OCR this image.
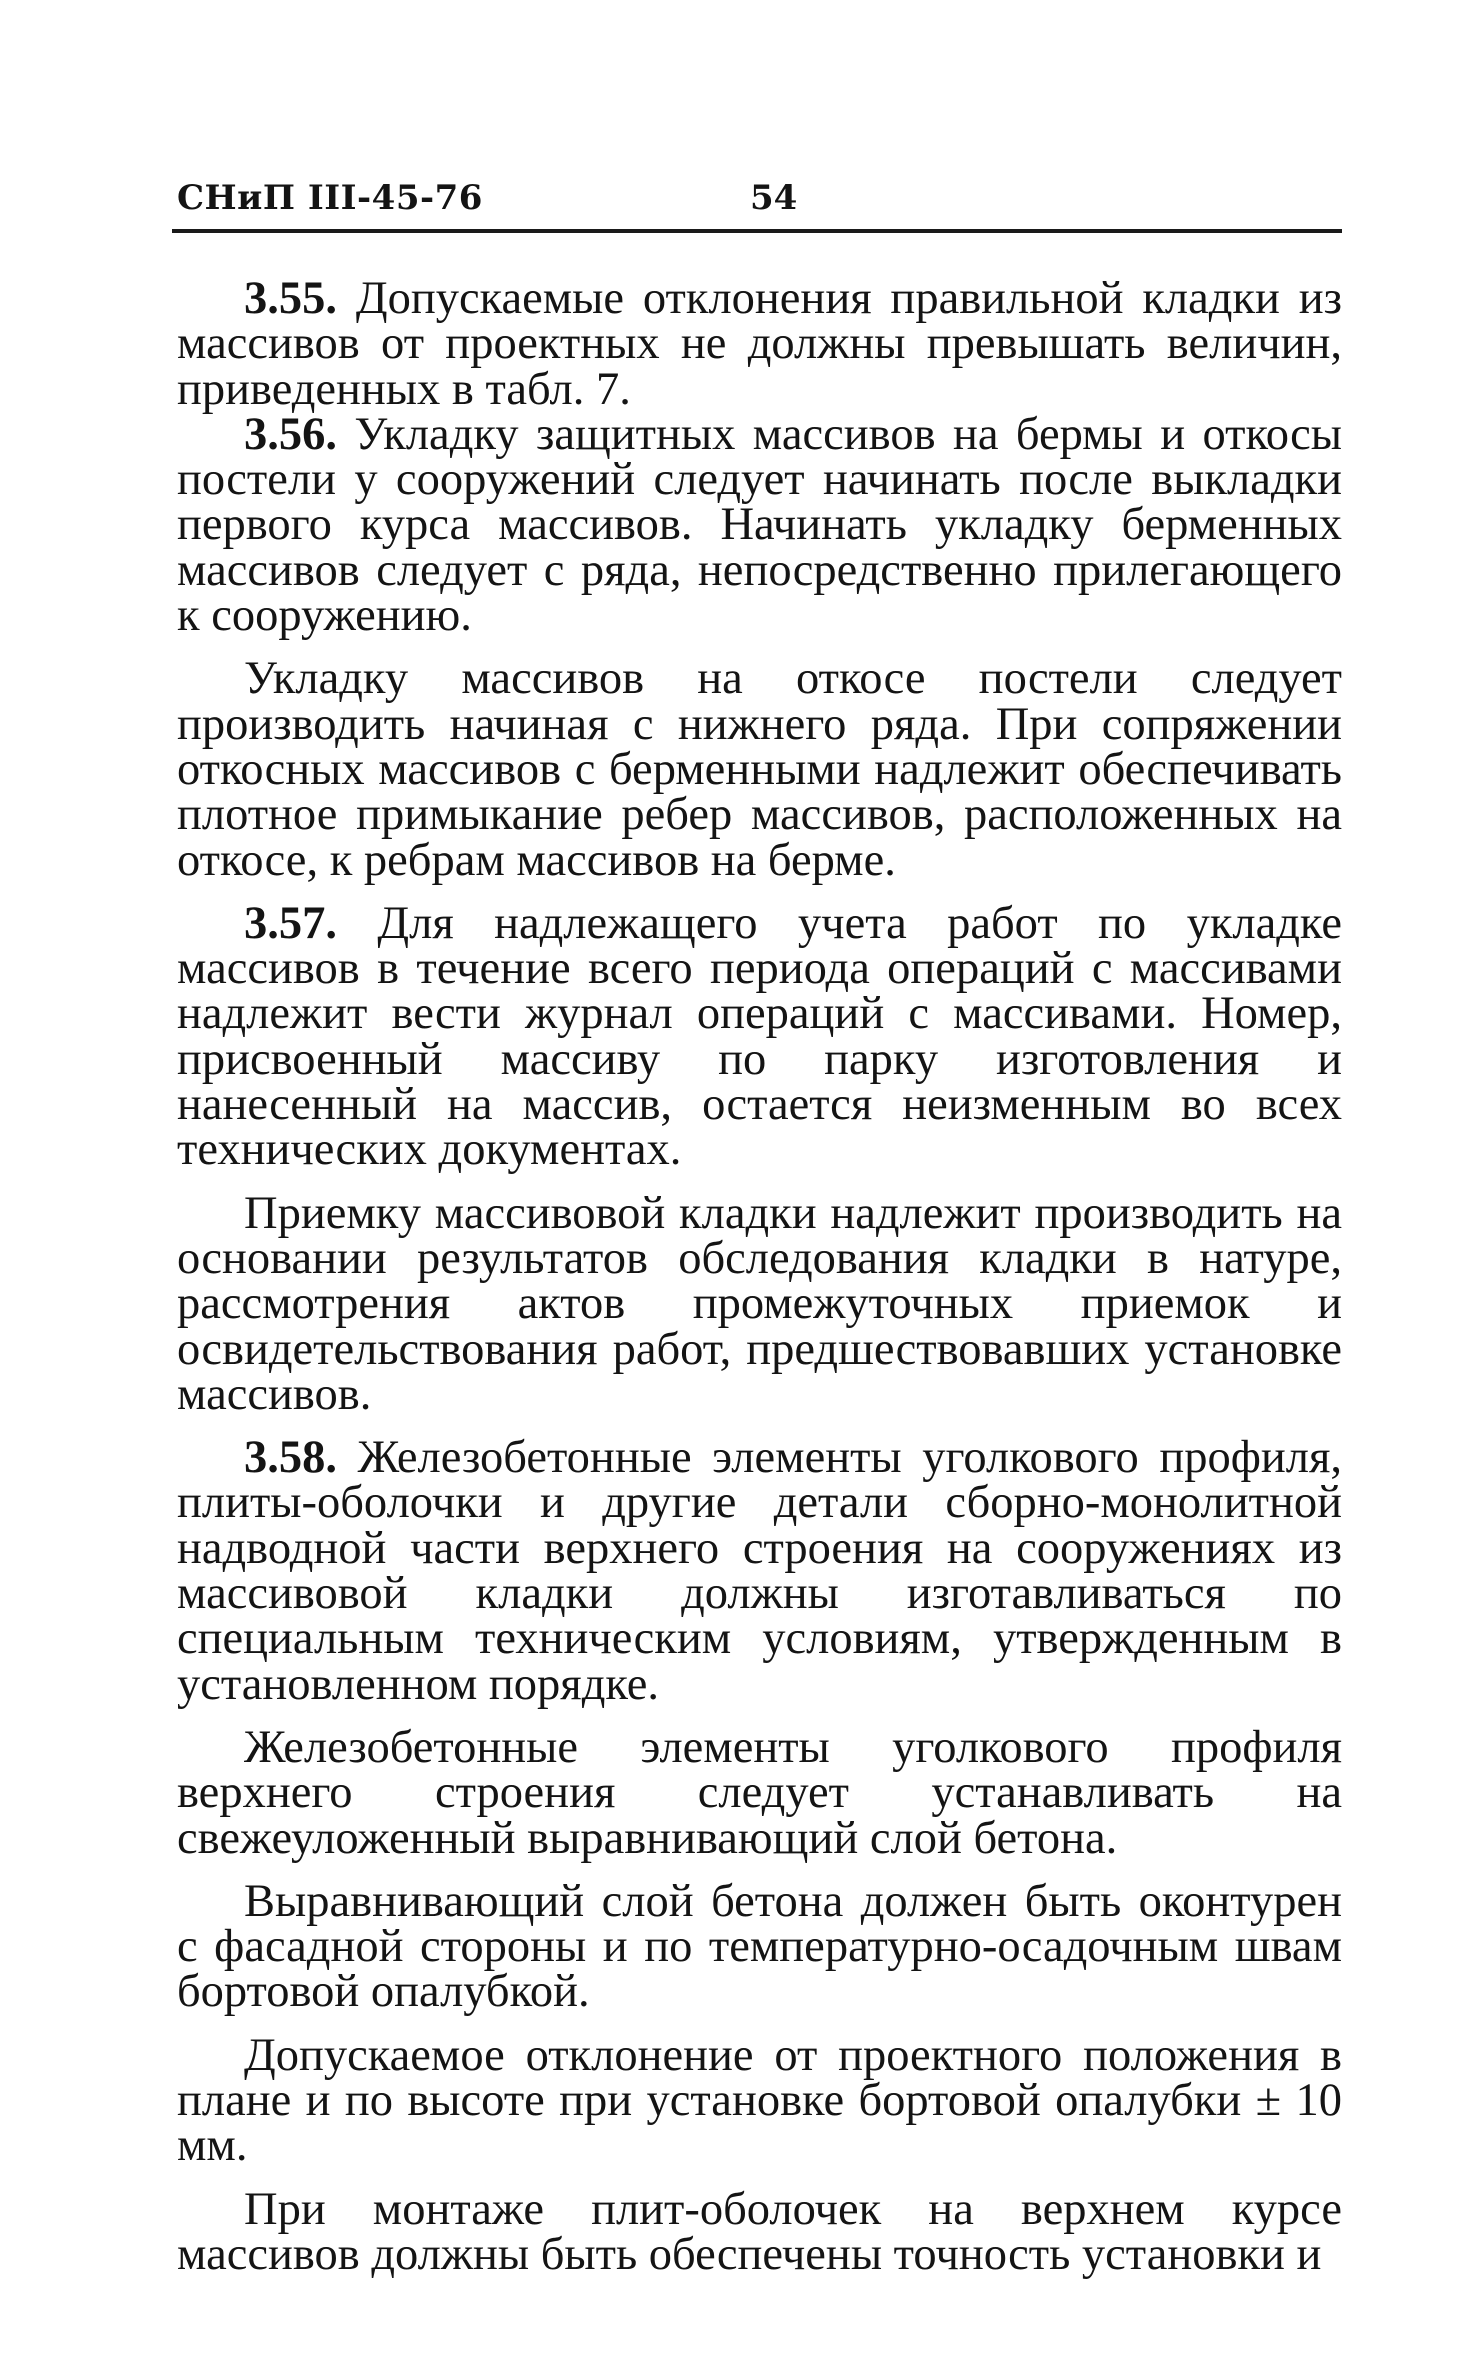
СНиП III-45-76	54

3.55. Допускаемые отклонения правильной кладки из массивов от проектных не должны превышать величин, приведенных в табл. 7.

3.56. Укладку защитных массивов на бермы и откосы постели у сооружений следует начинать после выкладки первого курса массивов. Начинать укладку берменных массивов следует с ряда, непосредственно прилегающего к сооружению.

Укладку массивов на откосе постели следует производить начиная с нижнего ряда. При сопряжении откосных массивов с берменными надлежит обеспечивать плотное примыкание ребер массивов, расположенных на откосе, к ребрам массивов на берме.

3.57. Для надлежащего учета работ по укладке массивов в течение всего периода операций с массивами надлежит вести журнал операций с массивами. Номер, присвоенный массиву по парку изготовления и нанесенный на массив, остается неизменным во всех технических документах.

Приемку массивовой кладки надлежит производить на основании результатов обследования кладки в натуре, рассмотрения актов промежуточных приемок и освидетельствования работ, предшествовавших установке массивов.

3.58. Железобетонные элементы уголкового профиля, плиты-оболочки и другие детали сборно-монолитной надводной части верхнего строения на сооружениях из массивовой кладки должны изготавливаться по специальным техническим условиям, утвержденным в установленном порядке.

Железобетонные элементы уголкового профиля верхнего строения следует устанавливать на свежеуложенный выравнивающий слой бетона.

Выравнивающий слой бетона должен быть оконтурен с фасадной стороны и по температурно-осадочным швам бортовой опалубкой.

Допускаемое отклонение от проектного положения в плане и по высоте при установке бортовой опалубки ± 10 мм.

При монтаже плит-оболочек на верхнем курсе массивов должны быть обеспечены точность установки и
